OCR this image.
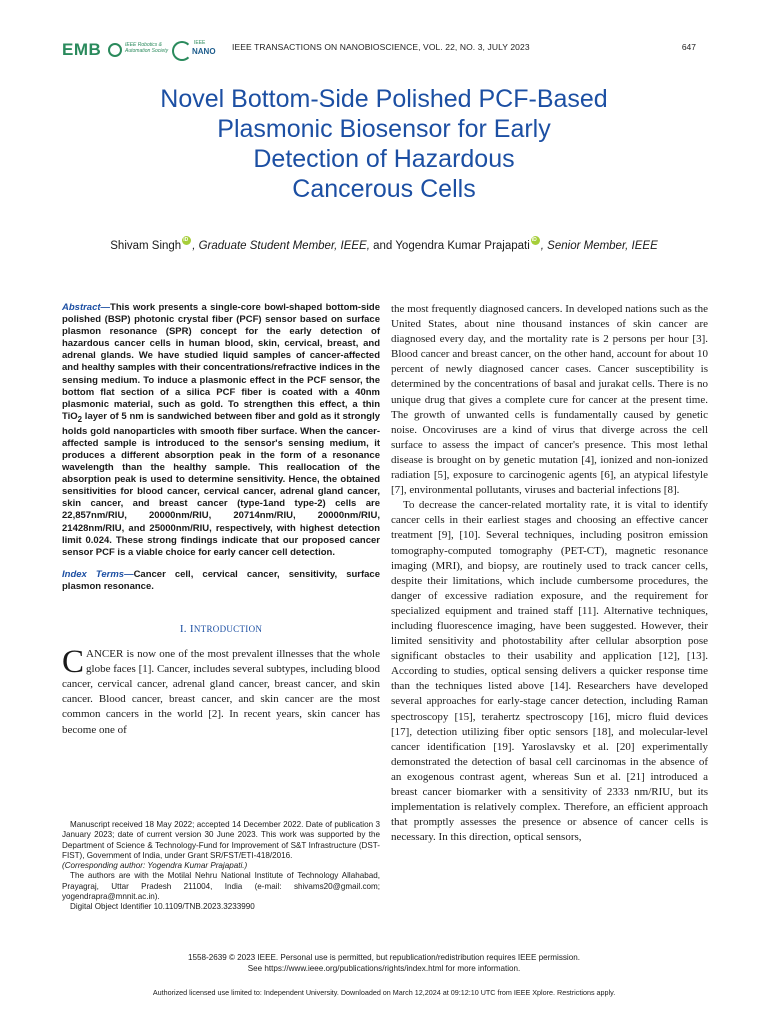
EMB	IEEE Robotics & Automation Society
IEEE
NANO IEEE TRANSACTIONS ON NANOBIOSCIENCE, VOL. 22, NO. 3, JULY 2023	647
Novel Bottom-Side Polished PCF-Based
Plasmonic Biosensor for Early
Detection of Hazardous
Cancerous Cells
Shivam Singh iD , Graduate Student Member, IEEE, and Yogendra Kumar Prajapati iD , Senior Member, IEEE
Abstract—This work presents a single-core bowl-shaped bottom-side polished (BSP) photonic crystal fiber (PCF) sensor based on surface plasmon resonance (SPR) concept for the early detection of hazardous cancer cells in human blood, skin, cervical, breast, and adrenal glands. We have studied liquid samples of cancer-affected and healthy samples with their concentrations/refractive indices in the sensing medium. To induce a plasmonic effect in the PCF sensor, the bottom flat section of a silica PCF fiber is coated with a 40nm plasmonic material, such as gold. To strengthen this effect, a thin TiO$_2$ layer of 5 nm is sandwiched between fiber and gold as it strongly holds gold nanoparticles with smooth fiber surface. When the cancer-affected sample is introduced to the sensor's sensing medium, it produces a different absorption peak in the form of a resonance wavelength than the healthy sample. This reallocation of the absorption peak is used to determine sensitivity. Hence, the obtained sensitivities for blood cancer, cervical cancer, adrenal gland cancer, skin cancer, and breast cancer (type-1and type-2) cells are 22,857nm/RIU, 20000nm/RIU, 20714nm/RIU, 20000nm/RIU, 21428nm/RIU, and 25000nm/RIU, respectively, with highest detection limit 0.024. These strong findings indicate that our proposed cancer sensor PCF is a viable choice for early cancer cell detection.
Index Terms—Cancer cell, cervical cancer, sensitivity, surface plasmon resonance.
I. INTRODUCTION
CANCER is now one of the most prevalent illnesses that the whole globe faces [1]. Cancer, includes several subtypes, including blood cancer, cervical cancer, adrenal gland cancer, breast cancer, and skin cancer. Blood cancer, breast cancer, and skin cancer are the most common cancers in the world [2]. In recent years, skin cancer has become one of

Manuscript received 18 May 2022; accepted 14 December 2022. Date of publication 3 January 2023; date of current version 30 June 2023. This work was supported by the Department of Science & Technology-Fund for Improvement of S&T Infrastructure (DST-FIST), Government of India, under Grant SR/FST/ETI-418/2016.
(Corresponding author: Yogendra Kumar Prajapati.)

The authors are with the Motilal Nehru National Institute of Technology Allahabad, Prayagraj, Uttar Pradesh 211004, India (e-mail: shivams20@gmail.com; yogendrapra@mnnit.ac.in).

Digital Object Identifier 10.1109/TNB.2023.3233990

the most frequently diagnosed cancers. In developed nations such as the United States, about nine thousand instances of skin cancer are diagnosed every day, and the mortality rate is 2 persons per hour [3]. Blood cancer and breast cancer, on the other hand, account for about 10 percent of newly diagnosed cancer cases. Cancer susceptibility is determined by the concentrations of basal and jurakat cells. There is no unique drug that gives a complete cure for cancer at the present time. The growth of unwanted cells is fundamentally caused by genetic noise. Oncoviruses are a kind of virus that diverge across the cell surface to assess the impact of cancer's presence. This most lethal disease is brought on by genetic mutation [4], ionized and non-ionized radiation [5], exposure to carcinogenic agents [6], an atypical lifestyle [7], environmental pollutants, viruses and bacterial infections [8].

To decrease the cancer-related mortality rate, it is vital to identify cancer cells in their earliest stages and choosing an effective cancer treatment [9], [10]. Several techniques, including positron emission tomography-computed tomography (PET-CT), magnetic resonance imaging (MRI), and biopsy, are routinely used to track cancer cells, despite their limitations, which include cumbersome procedures, the danger of excessive radiation exposure, and the requirement for specialized equipment and trained staff [11]. Alternative techniques, including fluorescence imaging, have been suggested. However, their limited sensitivity and photostability after cellular absorption pose significant obstacles to their usability and application [12], [13]. According to studies, optical sensing delivers a quicker response time than the techniques listed above [14]. Researchers have developed several approaches for early-stage cancer detection, including Raman spectroscopy [15], terahertz spectroscopy [16], micro fluid devices [17], detection utilizing fiber optic sensors [18], and molecular-level cancer identification [19]. Yaroslavsky et al. [20] experimentally demonstrated the detection of basal cell carcinomas in the absence of an exogenous contrast agent, whereas Sun et al. [21] introduced a breast cancer biomarker with a sensitivity of 2333 nm/RIU, but its implementation is relatively complex. Therefore, an efficient approach that promptly assesses the presence or absence of cancer cells is necessary. In this direction, optical sensors,

1558-2639 © 2023 IEEE. Personal use is permitted, but republication/redistribution requires IEEE permission.
See https://www.ieee.org/publications/rights/index.html for more information.
Authorized licensed use limited to: Independent University. Downloaded on March 12,2024 at 09:12:10 UTC from IEEE Xplore. Restrictions apply.
